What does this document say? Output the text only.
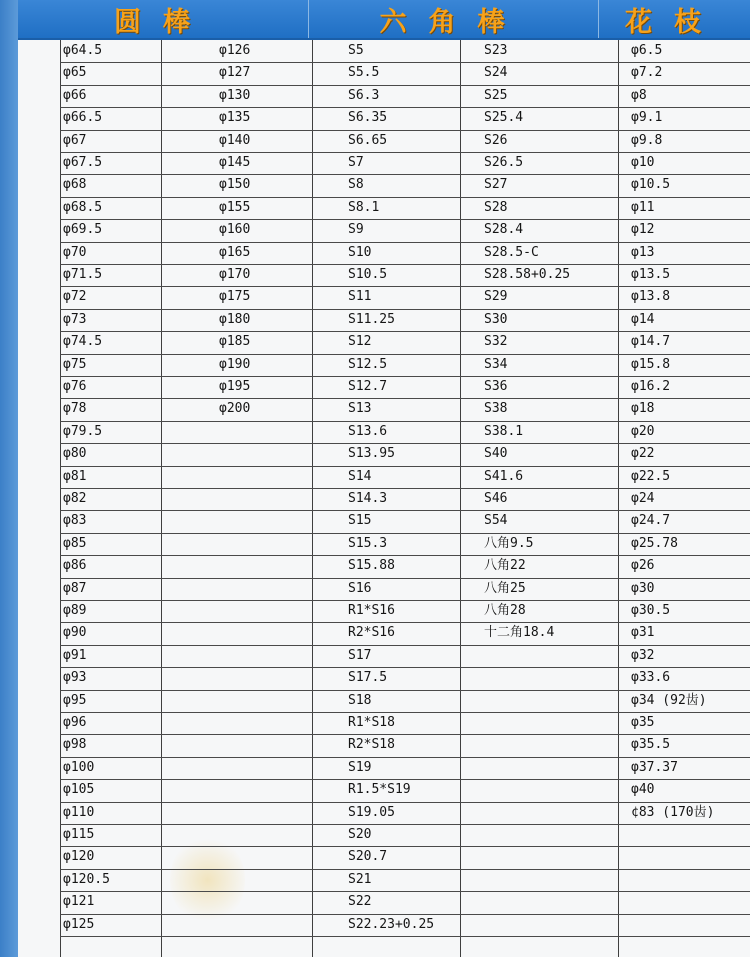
圆棒	六角棒	花枝
φ64.5
φ65
φ66
φ66.5
φ67
φ67.5
φ68
φ68.5
φ69.5
φ70
φ71.5
φ72
φ73
φ74.5
φ75
φ76
φ78
φ79.5
φ80
φ81
φ82
φ83
φ85
φ86
φ87
φ89
φ90
φ91
φ93
φ95
φ96
φ98
φ100
φ105
φ110
φ115
φ120
φ120.5
φ121
φ125
φ126
φ127
φ130
φ135
φ140
φ145
φ150
φ155
φ160
φ165
φ170
φ175
φ180
φ185
φ190
φ195
φ200
S5
S5.5
S6.3
S6.35
S6.65
S7
S8
S8.1
S9
S10
S10.5
S11
S11.25
S12
S12.5
S12.7
S13
S13.6
S13.95
S14
S14.3
S15
S15.3
S15.88
S16
R1*S16
R2*S16
S17
S17.5
S18
R1*S18
R2*S18
S19
R1.5*S19
S19.05
S20
S20.7
S21
S22
S22.23+0.25
S23
S24
S25
S25.4
S26
S26.5
S27
S28
S28.4
S28.5-C
S28.58+0.25
S29
S30
S32
S34
S36
S38
S38.1
S40
S41.6
S46
S54
八角9.5
八角22
八角25
八角28
十二角18.4
φ6.5
φ7.2
φ8
φ9.1
φ9.8
φ10
φ10.5
φ11
φ12
φ13
φ13.5
φ13.8
φ14
φ14.7
φ15.8
φ16.2
φ18
φ20
φ22
φ22.5
φ24
φ24.7
φ25.78
φ26
φ30
φ30.5
φ31
φ32
φ33.6
φ34 (92齿)
φ35
φ35.5
φ37.37
φ40
¢83 (170齿)
